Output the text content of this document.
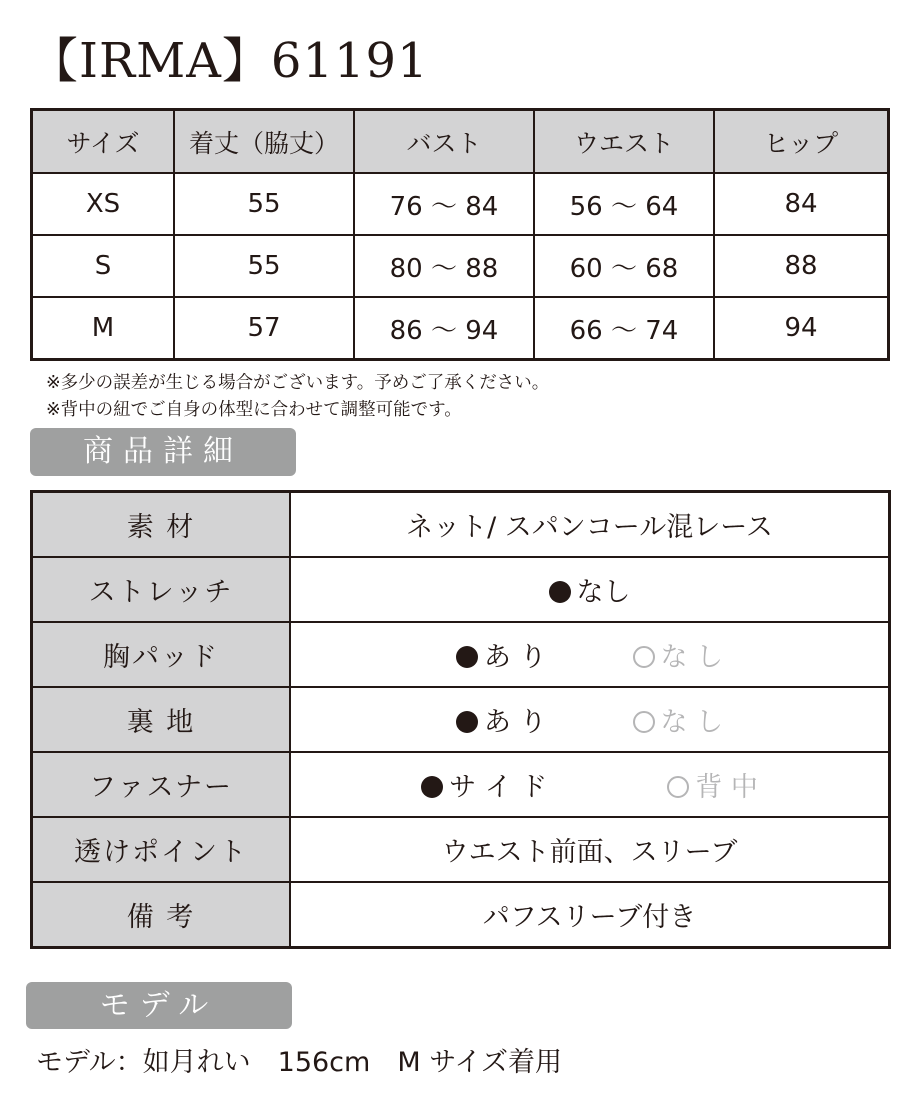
【IRMA】61191
サイズ	着丈（脇丈）	バスト	ウエスト	ヒップ
XS	55	76 〜 84	56 〜 64	84
S	55	80 〜 88	60 〜 68	88
M	57	86 〜 94	66 〜 74	94
※多少の誤差が生じる場合がございます。予めご了承ください。
※背中の紐でご自身の体型に合わせて調整可能です。
商品詳細
素 材	ネット/ スパンコール混レース
ストレッチ	なし
胸パッド	あ り な し
裏 地	あ り な し
ファスナー	サ イ ド 背 中
透けポイント	ウエスト前面、スリーブ
備 考	パフスリーブ付き
モデル
モデル：如月れい　156cm　M サイズ着用
